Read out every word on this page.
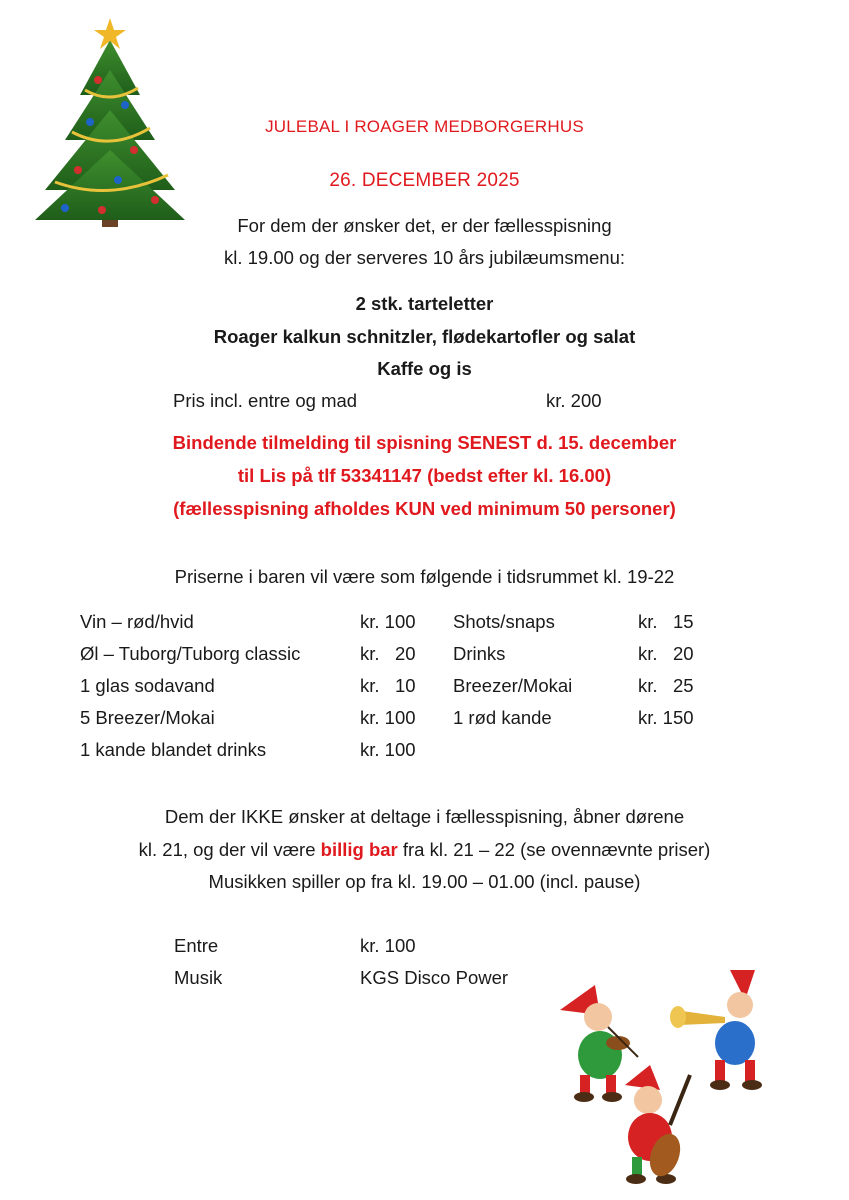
JULEBAL I ROAGER MEDBORGERHUS
26. DECEMBER 2025
For dem der ønsker det, er der fællesspisning
kl. 19.00 og der serveres 10 års jubilæumsmenu:
2 stk. tarteletter
Roager kalkun schnitzler, flødekartofler og salat
Kaffe og is
Pris incl. entre og mad	kr. 200
Bindende tilmelding til spisning SENEST d. 15. december
til Lis på tlf 53341147 (bedst efter kl. 16.00)
(fællesspisning afholdes KUN ved minimum 50 personer)
Priserne i baren vil være som følgende i tidsrummet kl. 19-22
Vin – rød/hvid	kr. 100
Øl – Tuborg/Tuborg classic	kr.   20
1 glas sodavand	kr.   10
5 Breezer/Mokai	kr. 100
1 kande blandet drinks	kr. 100
Shots/snaps	kr.   15
Drinks	kr.   20
Breezer/Mokai	kr.   25
1 rød kande	kr. 150
Dem der IKKE ønsker at deltage i fællesspisning, åbner dørene
kl. 21, og der vil være billig bar fra kl. 21 – 22 (se ovennævnte priser)
Musikken spiller op fra kl. 19.00 – 01.00 (incl. pause)
Entre	kr. 100
Musik	KGS Disco Power
